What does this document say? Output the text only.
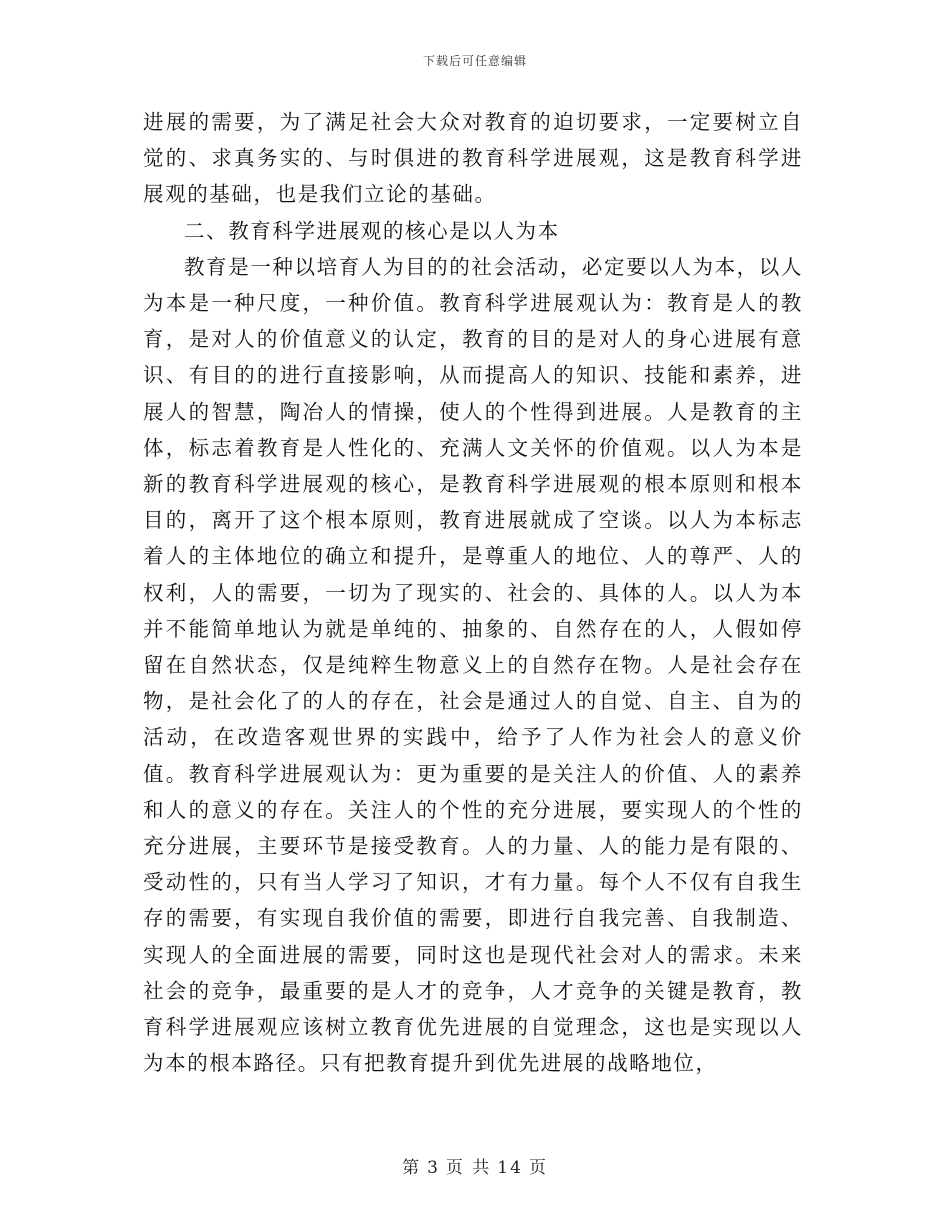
下载后可任意编辑

进展的需要，为了满足社会大众对教育的迫切要求，一定要树立自觉的、求真务实的、与时俱进的教育科学进展观，这是教育科学进展观的基础，也是我们立论的基础。

二、教育科学进展观的核心是以人为本

教育是一种以培育人为目的的社会活动，必定要以人为本，以人为本是一种尺度，一种价值。教育科学进展观认为：教育是人的教育，是对人的价值意义的认定，教育的目的是对人的身心进展有意识、有目的的进行直接影响，从而提高人的知识、技能和素养，进展人的智慧，陶冶人的情操，使人的个性得到进展。人是教育的主体，标志着教育是人性化的、充满人文关怀的价值观。以人为本是新的教育科学进展观的核心，是教育科学进展观的根本原则和根本目的，离开了这个根本原则，教育进展就成了空谈。以人为本标志着人的主体地位的确立和提升，是尊重人的地位、人的尊严、人的权利，人的需要，一切为了现实的、社会的、具体的人。以人为本并不能简单地认为就是单纯的、抽象的、自然存在的人，人假如停留在自然状态，仅是纯粹生物意义上的自然存在物。人是社会存在物，是社会化了的人的存在，社会是通过人的自觉、自主、自为的活动，在改造客观世界的实践中，给予了人作为社会人的意义价值。教育科学进展观认为：更为重要的是关注人的价值、人的素养和人的意义的存在。关注人的个性的充分进展，要实现人的个性的充分进展，主要环节是接受教育。人的力量、人的能力是有限的、受动性的，只有当人学习了知识，才有力量。每个人不仅有自我生存的需要，有实现自我价值的需要，即进行自我完善、自我制造、实现人的全面进展的需要，同时这也是现代社会对人的需求。未来社会的竞争，最重要的是人才的竞争，人才竞争的关键是教育，教育科学进展观应该树立教育优先进展的自觉理念，这也是实现以人为本的根本路径。只有把教育提升到优先进展的战略地位，

第 3 页 共 14 页
